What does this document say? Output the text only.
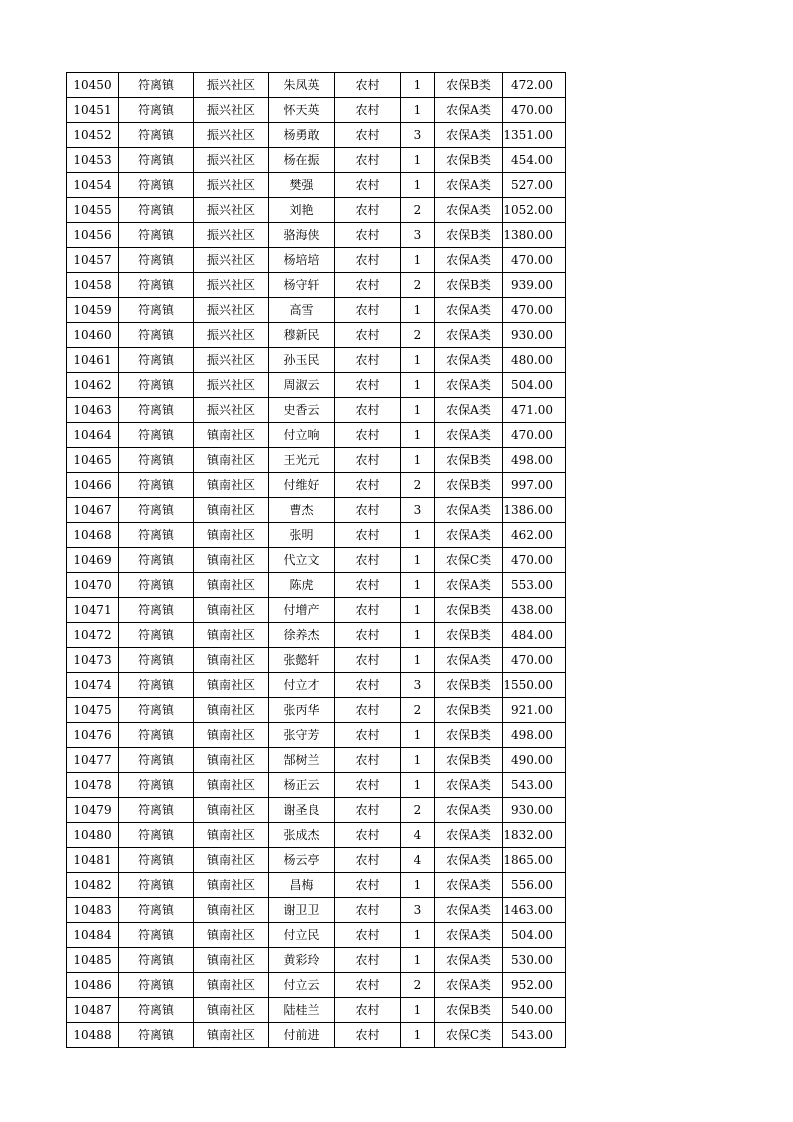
10450	符离镇	振兴社区	朱凤英	农村	1	农保B类	472.00
10451	符离镇	振兴社区	怀天英	农村	1	农保A类	470.00
10452	符离镇	振兴社区	杨勇敢	农村	3	农保A类	1351.00
10453	符离镇	振兴社区	杨在振	农村	1	农保B类	454.00
10454	符离镇	振兴社区	樊强	农村	1	农保A类	527.00
10455	符离镇	振兴社区	刘艳	农村	2	农保A类	1052.00
10456	符离镇	振兴社区	骆海侠	农村	3	农保B类	1380.00
10457	符离镇	振兴社区	杨培培	农村	1	农保A类	470.00
10458	符离镇	振兴社区	杨守轩	农村	2	农保B类	939.00
10459	符离镇	振兴社区	高雪	农村	1	农保A类	470.00
10460	符离镇	振兴社区	穆新民	农村	2	农保A类	930.00
10461	符离镇	振兴社区	孙玉民	农村	1	农保A类	480.00
10462	符离镇	振兴社区	周淑云	农村	1	农保A类	504.00
10463	符离镇	振兴社区	史香云	农村	1	农保A类	471.00
10464	符离镇	镇南社区	付立响	农村	1	农保A类	470.00
10465	符离镇	镇南社区	王光元	农村	1	农保B类	498.00
10466	符离镇	镇南社区	付维好	农村	2	农保B类	997.00
10467	符离镇	镇南社区	曹杰	农村	3	农保A类	1386.00
10468	符离镇	镇南社区	张明	农村	1	农保A类	462.00
10469	符离镇	镇南社区	代立文	农村	1	农保C类	470.00
10470	符离镇	镇南社区	陈虎	农村	1	农保A类	553.00
10471	符离镇	镇南社区	付增产	农村	1	农保B类	438.00
10472	符离镇	镇南社区	徐养杰	农村	1	农保B类	484.00
10473	符离镇	镇南社区	张懿轩	农村	1	农保A类	470.00
10474	符离镇	镇南社区	付立才	农村	3	农保B类	1550.00
10475	符离镇	镇南社区	张丙华	农村	2	农保B类	921.00
10476	符离镇	镇南社区	张守芳	农村	1	农保B类	498.00
10477	符离镇	镇南社区	郜树兰	农村	1	农保B类	490.00
10478	符离镇	镇南社区	杨正云	农村	1	农保A类	543.00
10479	符离镇	镇南社区	谢圣良	农村	2	农保A类	930.00
10480	符离镇	镇南社区	张成杰	农村	4	农保A类	1832.00
10481	符离镇	镇南社区	杨云亭	农村	4	农保A类	1865.00
10482	符离镇	镇南社区	昌梅	农村	1	农保A类	556.00
10483	符离镇	镇南社区	谢卫卫	农村	3	农保A类	1463.00
10484	符离镇	镇南社区	付立民	农村	1	农保A类	504.00
10485	符离镇	镇南社区	黄彩玲	农村	1	农保A类	530.00
10486	符离镇	镇南社区	付立云	农村	2	农保A类	952.00
10487	符离镇	镇南社区	陆桂兰	农村	1	农保B类	540.00
10488	符离镇	镇南社区	付前进	农村	1	农保C类	543.00
